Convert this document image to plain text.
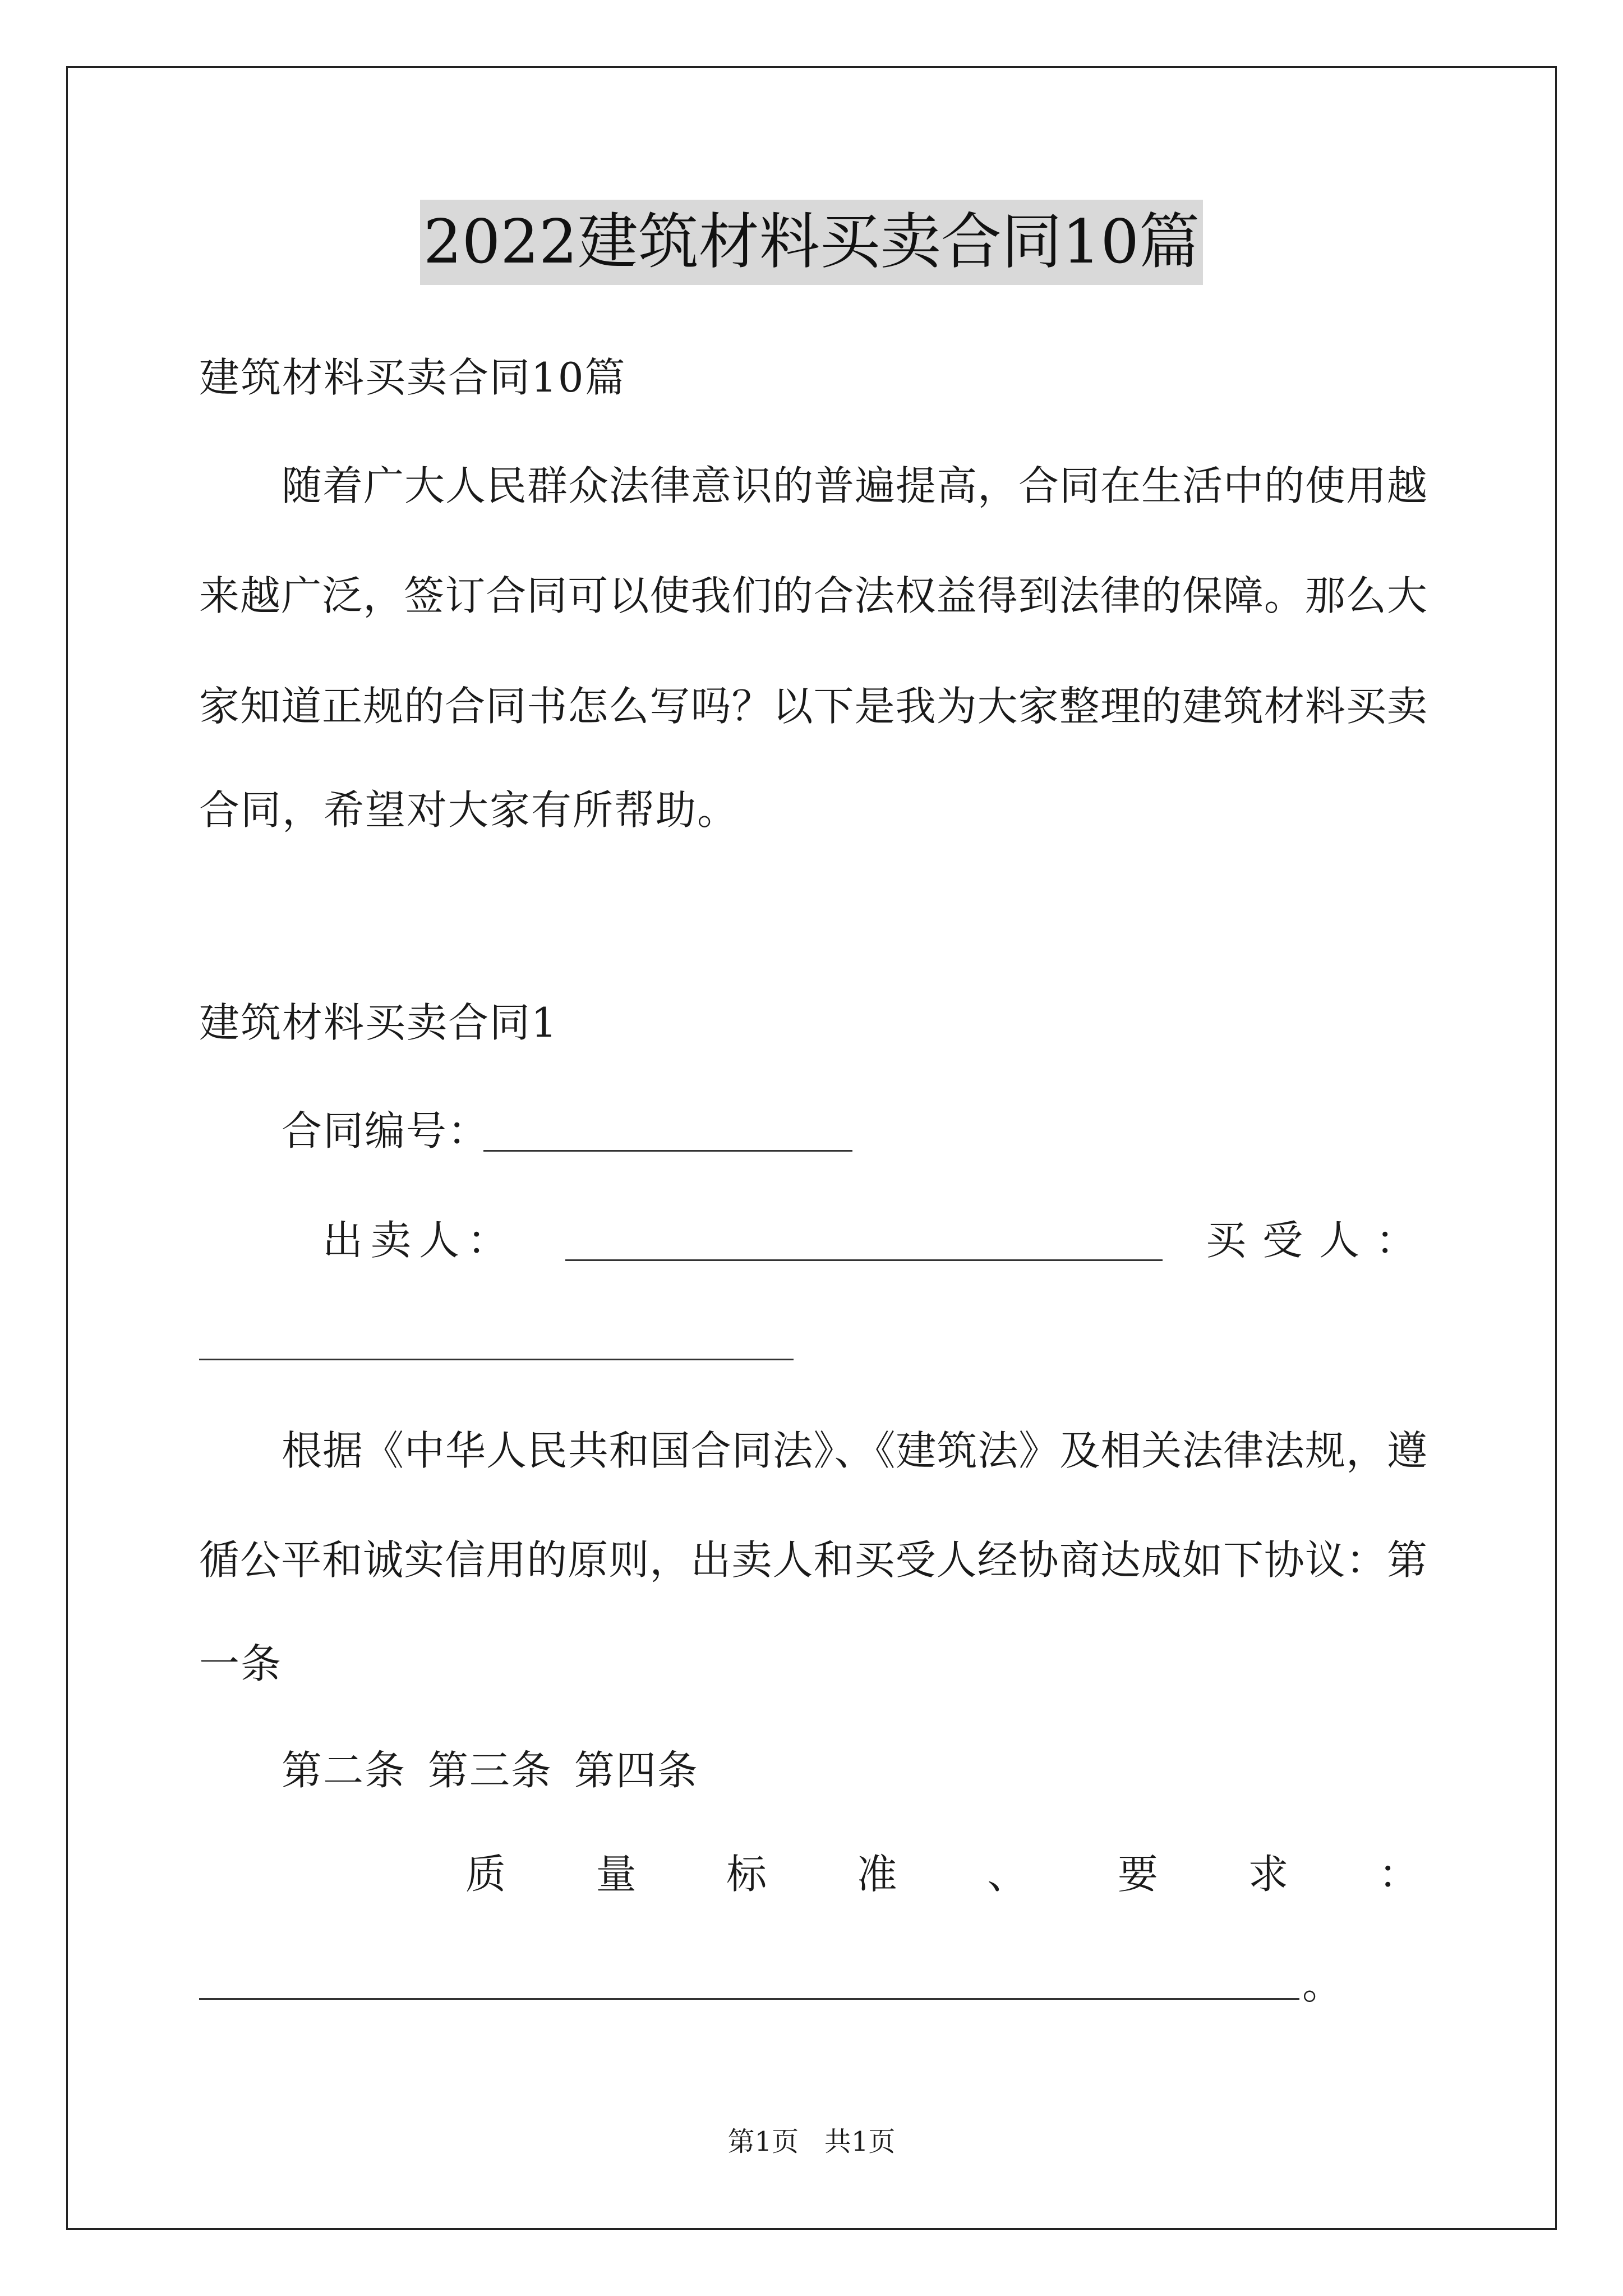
2022建筑材料买卖合同10篇
建筑材料买卖合同10篇
随着广大人民群众法律意识的普遍提高，合同在生活中的使用越
来越广泛，签订合同可以使我们的合法权益得到法律的保障。那么大
家知道正规的合同书怎么写吗？以下是我为大家整理的建筑材料买卖
合同，希望对大家有所帮助。
建筑材料买卖合同1
合同编号：
出 卖 人 ：	买 受 人 ：
根据《中华人民共和国合同法》、《建筑法》及相关法律法规，遵
循公平和诚实信用的原则，出卖人和买受人经协商达成如下协议：第
一条
第二条 第三条 第四条
质 量 标 准 、 要 求 ：
。
第1页   共1页
